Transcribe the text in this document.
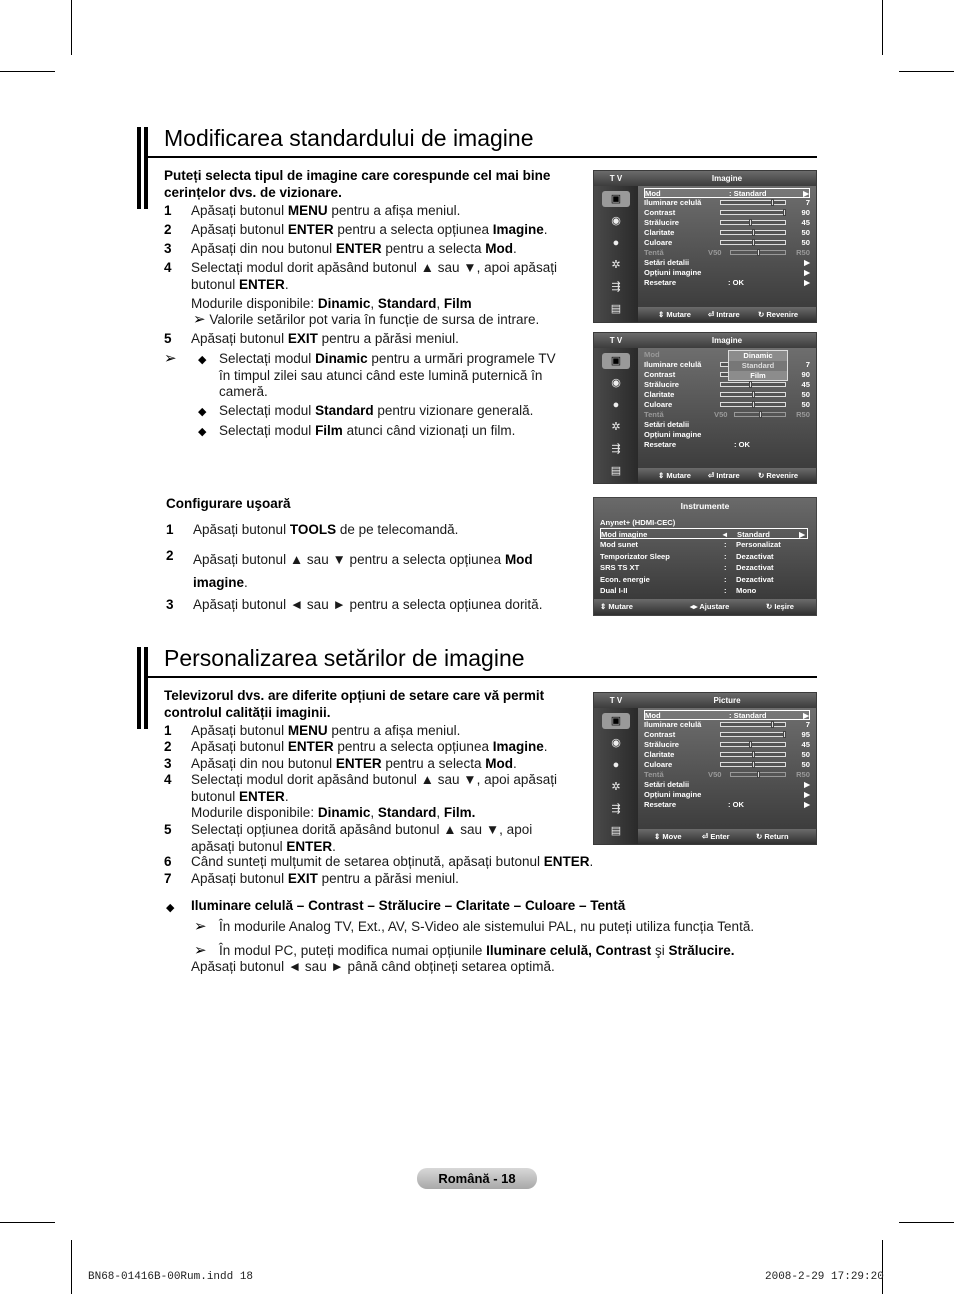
Modificarea standardului de imagine
Puteți selecta tipul de imagine care corespunde cel mai bine cerințelor dvs. de vizionare.
1 Apăsați butonul MENU pentru a afișa meniul.
2 Apăsați butonul ENTER pentru a selecta opțiunea Imagine.
3 Apăsați din nou butonul ENTER pentru a selecta Mod.
4 Selectați modul dorit apăsând butonul ▲ sau ▼, apoi apăsați
butonul ENTER.
Modurile disponibile: Dinamic, Standard, Film
➢ Valorile setărilor pot varia în funcție de sursa de intrare.
5 Apăsați butonul EXIT pentru a părăsi meniul.
➢ ◆ Selectați modul Dinamic pentru a urmări programele TV
în timpul zilei sau atunci când este lumină puternică în
cameră.
◆ Selectați modul Standard pentru vizionare generală.
◆ Selectați modul Film atunci când vizionați un film.
Configurare uşoară
1 Apăsați butonul TOOLS de pe telecomandă.
2 Apăsați butonul ▲ sau ▼ pentru a selecta opțiunea Mod
imagine.
3 Apăsați butonul ◄ sau ► pentru a selecta opțiunea dorită.
T V	Imagine
▣
◉
●
✲
⇶
▤
Mod	: Standard	▶
Iluminare celulă	7
Contrast	90
Strălucire	45
Claritate	50
Culoare	50
Tentă	V50	R50
Setări detalii	▶
Opțiuni imagine	▶
Resetare	: OK	▶
⇕ Mutare ⏎ Intrare ↻ Revenire
T V	Imagine
▣
◉
●
✲
⇶
▤
Mod
Iluminare celulă	7
Contrast	90
Strălucire	45
Claritate	50
Culoare	50
Tentă	V50	R50
Setări detalii
Opțiuni imagine
Resetare	: OK
Dinamic
Standard
Film
⇕ Mutare ⏎ Intrare ↻ Revenire
Instrumente
Anynet+ (HDMI-CEC)
Mod imagine	◄ Standard	▶
Mod sunet	: Personalizat
Temporizator Sleep	: Dezactivat
SRS TS XT	: Dezactivat
Econ. energie	: Dezactivat
Dual I-II	: Mono
⇕ Mutare	◂▸ Ajustare	↻ Ieşire
Personalizarea setărilor de imagine
Televizorul dvs. are diferite opțiuni de setare care vă permit controlul calității imaginii.
1 Apăsați butonul MENU pentru a afișa meniul.
2 Apăsați butonul ENTER pentru a selecta opțiunea Imagine.
3 Apăsați din nou butonul ENTER pentru a selecta Mod.
4 Selectați modul dorit apăsând butonul ▲ sau ▼, apoi apăsați
butonul ENTER.
Modurile disponibile: Dinamic, Standard, Film.
5 Selectați opțiunea dorită apăsând butonul ▲ sau ▼, apoi
apăsați butonul ENTER.
6 Când sunteți mulțumit de setarea obținută, apăsați butonul ENTER.
7 Apăsați butonul EXIT pentru a părăsi meniul.
◆ Iluminare celulă – Contrast – Strălucire – Claritate – Culoare – Tentă
➢ În modurile Analog TV, Ext., AV, S-Video ale sistemului PAL, nu puteți utiliza funcția Tentă.
➢ În modul PC, puteți modifica numai opțiunile Iluminare celulă, Contrast şi Strălucire.
Apăsați butonul ◄ sau ► până când obțineți setarea optimă.
T V	Picture
▣
◉
●
✲
⇶
▤
Mod	: Standard	▶
Iluminare celulă	7
Contrast	95
Strălucire	45
Claritate	50
Culoare	50
Tentă	V50	R50
Setări detalii	▶
Opțiuni imagine	▶
Resetare	: OK	▶
⇕ Move	⏎ Enter	↻ Return
Română - 18
BN68-01416B-00Rum.indd 18	2008-2-29 17:29:20
